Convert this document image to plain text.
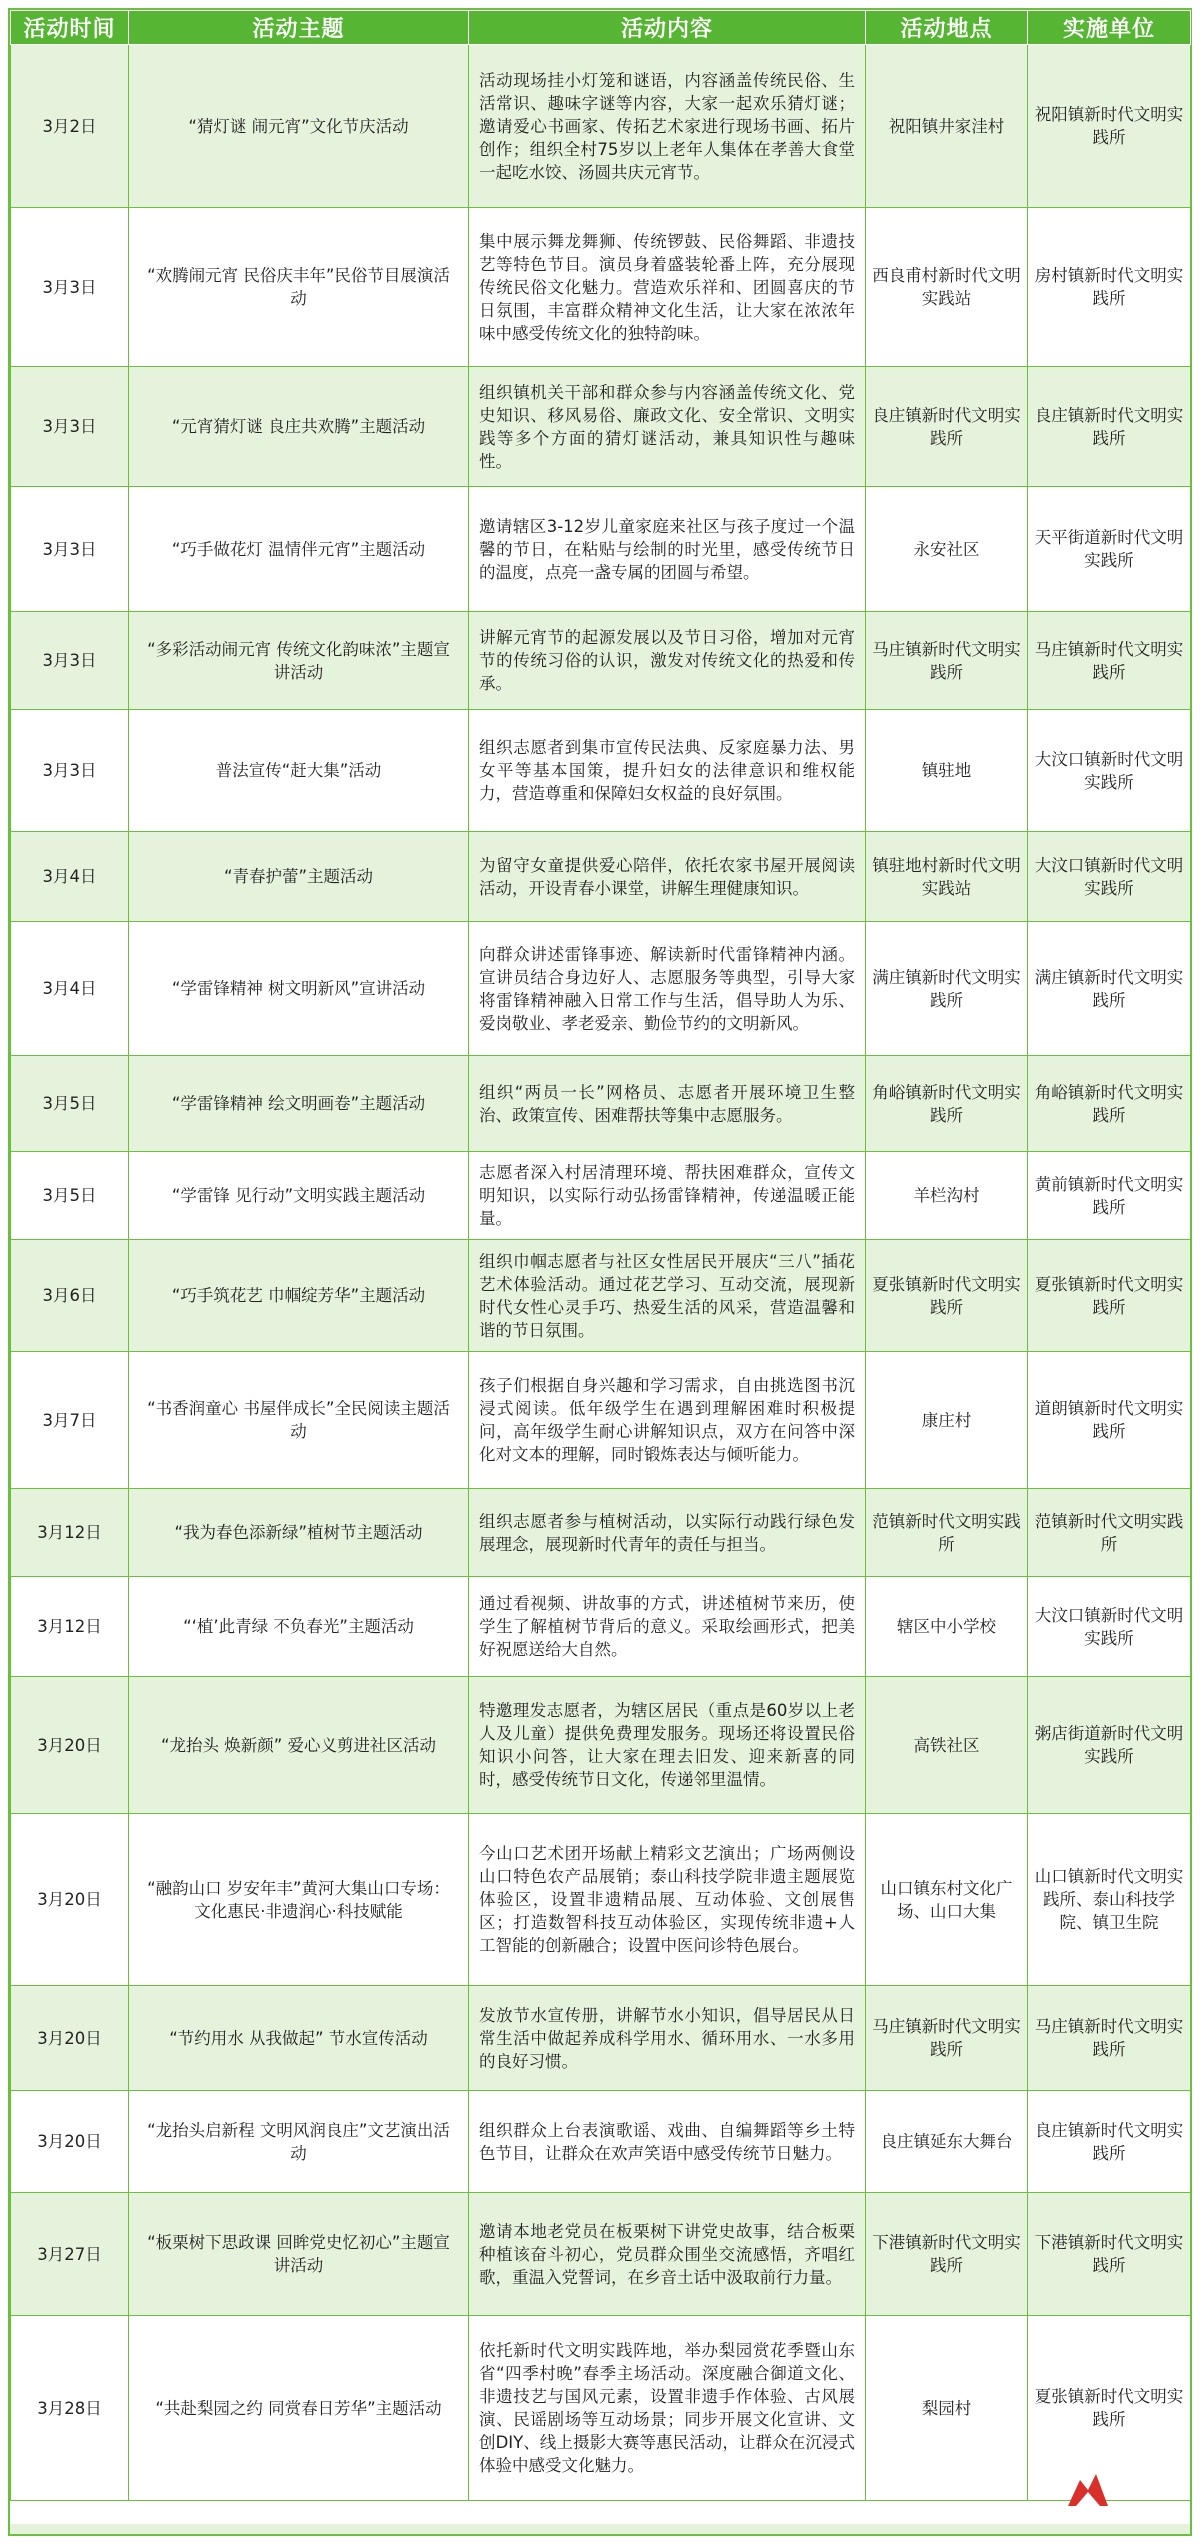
活动时间	活动主题	活动内容	活动地点	实施单位
3月2日	“猜灯谜 闹元宵”文化节庆活动	活动现场挂小灯笼和谜语，内容涵盖传统民俗、生活常识、趣味字谜等内容，大家一起欢乐猜灯谜；邀请爱心书画家、传拓艺术家进行现场书画、拓片创作；组织全村75岁以上老年人集体在孝善大食堂一起吃水饺、汤圆共庆元宵节。	祝阳镇井家洼村	祝阳镇新时代文明实践所
3月3日	“欢腾闹元宵 民俗庆丰年”民俗节目展演活动	集中展示舞龙舞狮、传统锣鼓、民俗舞蹈、非遗技艺等特色节目。演员身着盛装轮番上阵，充分展现传统民俗文化魅力。营造欢乐祥和、团圆喜庆的节日氛围，丰富群众精神文化生活，让大家在浓浓年味中感受传统文化的独特韵味。	西良甫村新时代文明实践站	房村镇新时代文明实践所
3月3日	“元宵猜灯谜 良庄共欢腾”主题活动	组织镇机关干部和群众参与内容涵盖传统文化、党史知识、移风易俗、廉政文化、安全常识、文明实践等多个方面的猜灯谜活动，兼具知识性与趣味性。	良庄镇新时代文明实践所	良庄镇新时代文明实践所
3月3日	“巧手做花灯 温情伴元宵”主题活动	邀请辖区3-12岁儿童家庭来社区与孩子度过一个温馨的节日，在粘贴与绘制的时光里，感受传统节日的温度，点亮一盏专属的团圆与希望。	永安社区	天平街道新时代文明实践所
3月3日	“多彩活动闹元宵 传统文化韵味浓”主题宣讲活动	讲解元宵节的起源发展以及节日习俗，增加对元宵节的传统习俗的认识，激发对传统文化的热爱和传承。	马庄镇新时代文明实践所	马庄镇新时代文明实践所
3月3日	普法宣传“赶大集”活动	组织志愿者到集市宣传民法典、反家庭暴力法、男女平等基本国策，提升妇女的法律意识和维权能力，营造尊重和保障妇女权益的良好氛围。	镇驻地	大汶口镇新时代文明实践所
3月4日	“青春护蕾”主题活动	为留守女童提供爱心陪伴，依托农家书屋开展阅读活动，开设青春小课堂，讲解生理健康知识。	镇驻地村新时代文明实践站	大汶口镇新时代文明实践所
3月4日	“学雷锋精神 树文明新风”宣讲活动	向群众讲述雷锋事迹、解读新时代雷锋精神内涵。宣讲员结合身边好人、志愿服务等典型，引导大家将雷锋精神融入日常工作与生活，倡导助人为乐、爱岗敬业、孝老爱亲、勤俭节约的文明新风。	满庄镇新时代文明实践所	满庄镇新时代文明实践所
3月5日	“学雷锋精神 绘文明画卷”主题活动	组织“两员一长”网格员、志愿者开展环境卫生整治、政策宣传、困难帮扶等集中志愿服务。	角峪镇新时代文明实践所	角峪镇新时代文明实践所
3月5日	“学雷锋 见行动”文明实践主题活动	志愿者深入村居清理环境、帮扶困难群众，宣传文明知识，以实际行动弘扬雷锋精神，传递温暖正能量。	羊栏沟村	黄前镇新时代文明实践所
3月6日	“巧手筑花艺 巾帼绽芳华”主题活动	组织巾帼志愿者与社区女性居民开展庆“三八”插花艺术体验活动。通过花艺学习、互动交流，展现新时代女性心灵手巧、热爱生活的风采，营造温馨和谐的节日氛围。	夏张镇新时代文明实践所	夏张镇新时代文明实践所
3月7日	“书香润童心 书屋伴成长”全民阅读主题活动	孩子们根据自身兴趣和学习需求，自由挑选图书沉浸式阅读。低年级学生在遇到理解困难时积极提问，高年级学生耐心讲解知识点，双方在问答中深化对文本的理解，同时锻炼表达与倾听能力。	康庄村	道朗镇新时代文明实践所
3月12日	“我为春色添新绿”植树节主题活动	组织志愿者参与植树活动，以实际行动践行绿色发展理念，展现新时代青年的责任与担当。	范镇新时代文明实践所	范镇新时代文明实践所
3月12日	“‘植’此青绿 不负春光”主题活动	通过看视频、讲故事的方式，讲述植树节来历，使学生了解植树节背后的意义。采取绘画形式，把美好祝愿送给大自然。	辖区中小学校	大汶口镇新时代文明实践所
3月20日	“龙抬头 焕新颜” 爱心义剪进社区活动	特邀理发志愿者，为辖区居民（重点是60岁以上老人及儿童）提供免费理发服务。现场还将设置民俗知识小问答，让大家在理去旧发、迎来新喜的同时，感受传统节日文化，传递邻里温情。	高铁社区	粥店街道新时代文明实践所
3月20日	“融韵山口 岁安年丰”黄河大集山口专场：文化惠民·非遗润心·科技赋能	今山口艺术团开场献上精彩文艺演出；广场两侧设山口特色农产品展销；泰山科技学院非遗主题展览体验区，设置非遗精品展、互动体验、文创展售区；打造数智科技互动体验区，实现传统非遗+人工智能的创新融合；设置中医问诊特色展台。	山口镇东村文化广场、山口大集	山口镇新时代文明实践所、泰山科技学院、镇卫生院
3月20日	“节约用水 从我做起” 节水宣传活动	发放节水宣传册，讲解节水小知识，倡导居民从日常生活中做起养成科学用水、循环用水、一水多用的良好习惯。	马庄镇新时代文明实践所	马庄镇新时代文明实践所
3月20日	“龙抬头启新程 文明风润良庄”文艺演出活动	组织群众上台表演歌谣、戏曲、自编舞蹈等乡土特色节目，让群众在欢声笑语中感受传统节日魅力。	良庄镇延东大舞台	良庄镇新时代文明实践所
3月27日	“板栗树下思政课 回眸党史忆初心”主题宣讲活动	邀请本地老党员在板栗树下讲党史故事，结合板栗种植该奋斗初心，党员群众围坐交流感悟，齐唱红歌，重温入党誓词，在乡音土话中汲取前行力量。	下港镇新时代文明实践所	下港镇新时代文明实践所
3月28日	“共赴梨园之约 同赏春日芳华”主题活动	依托新时代文明实践阵地，举办梨园赏花季暨山东省“四季村晚”春季主场活动。深度融合御道文化、非遗技艺与国风元素，设置非遗手作体验、古风展演、民谣剧场等互动场景；同步开展文化宣讲、文创DIY、线上摄影大赛等惠民活动，让群众在沉浸式体验中感受文化魅力。	梨园村	夏张镇新时代文明实践所
